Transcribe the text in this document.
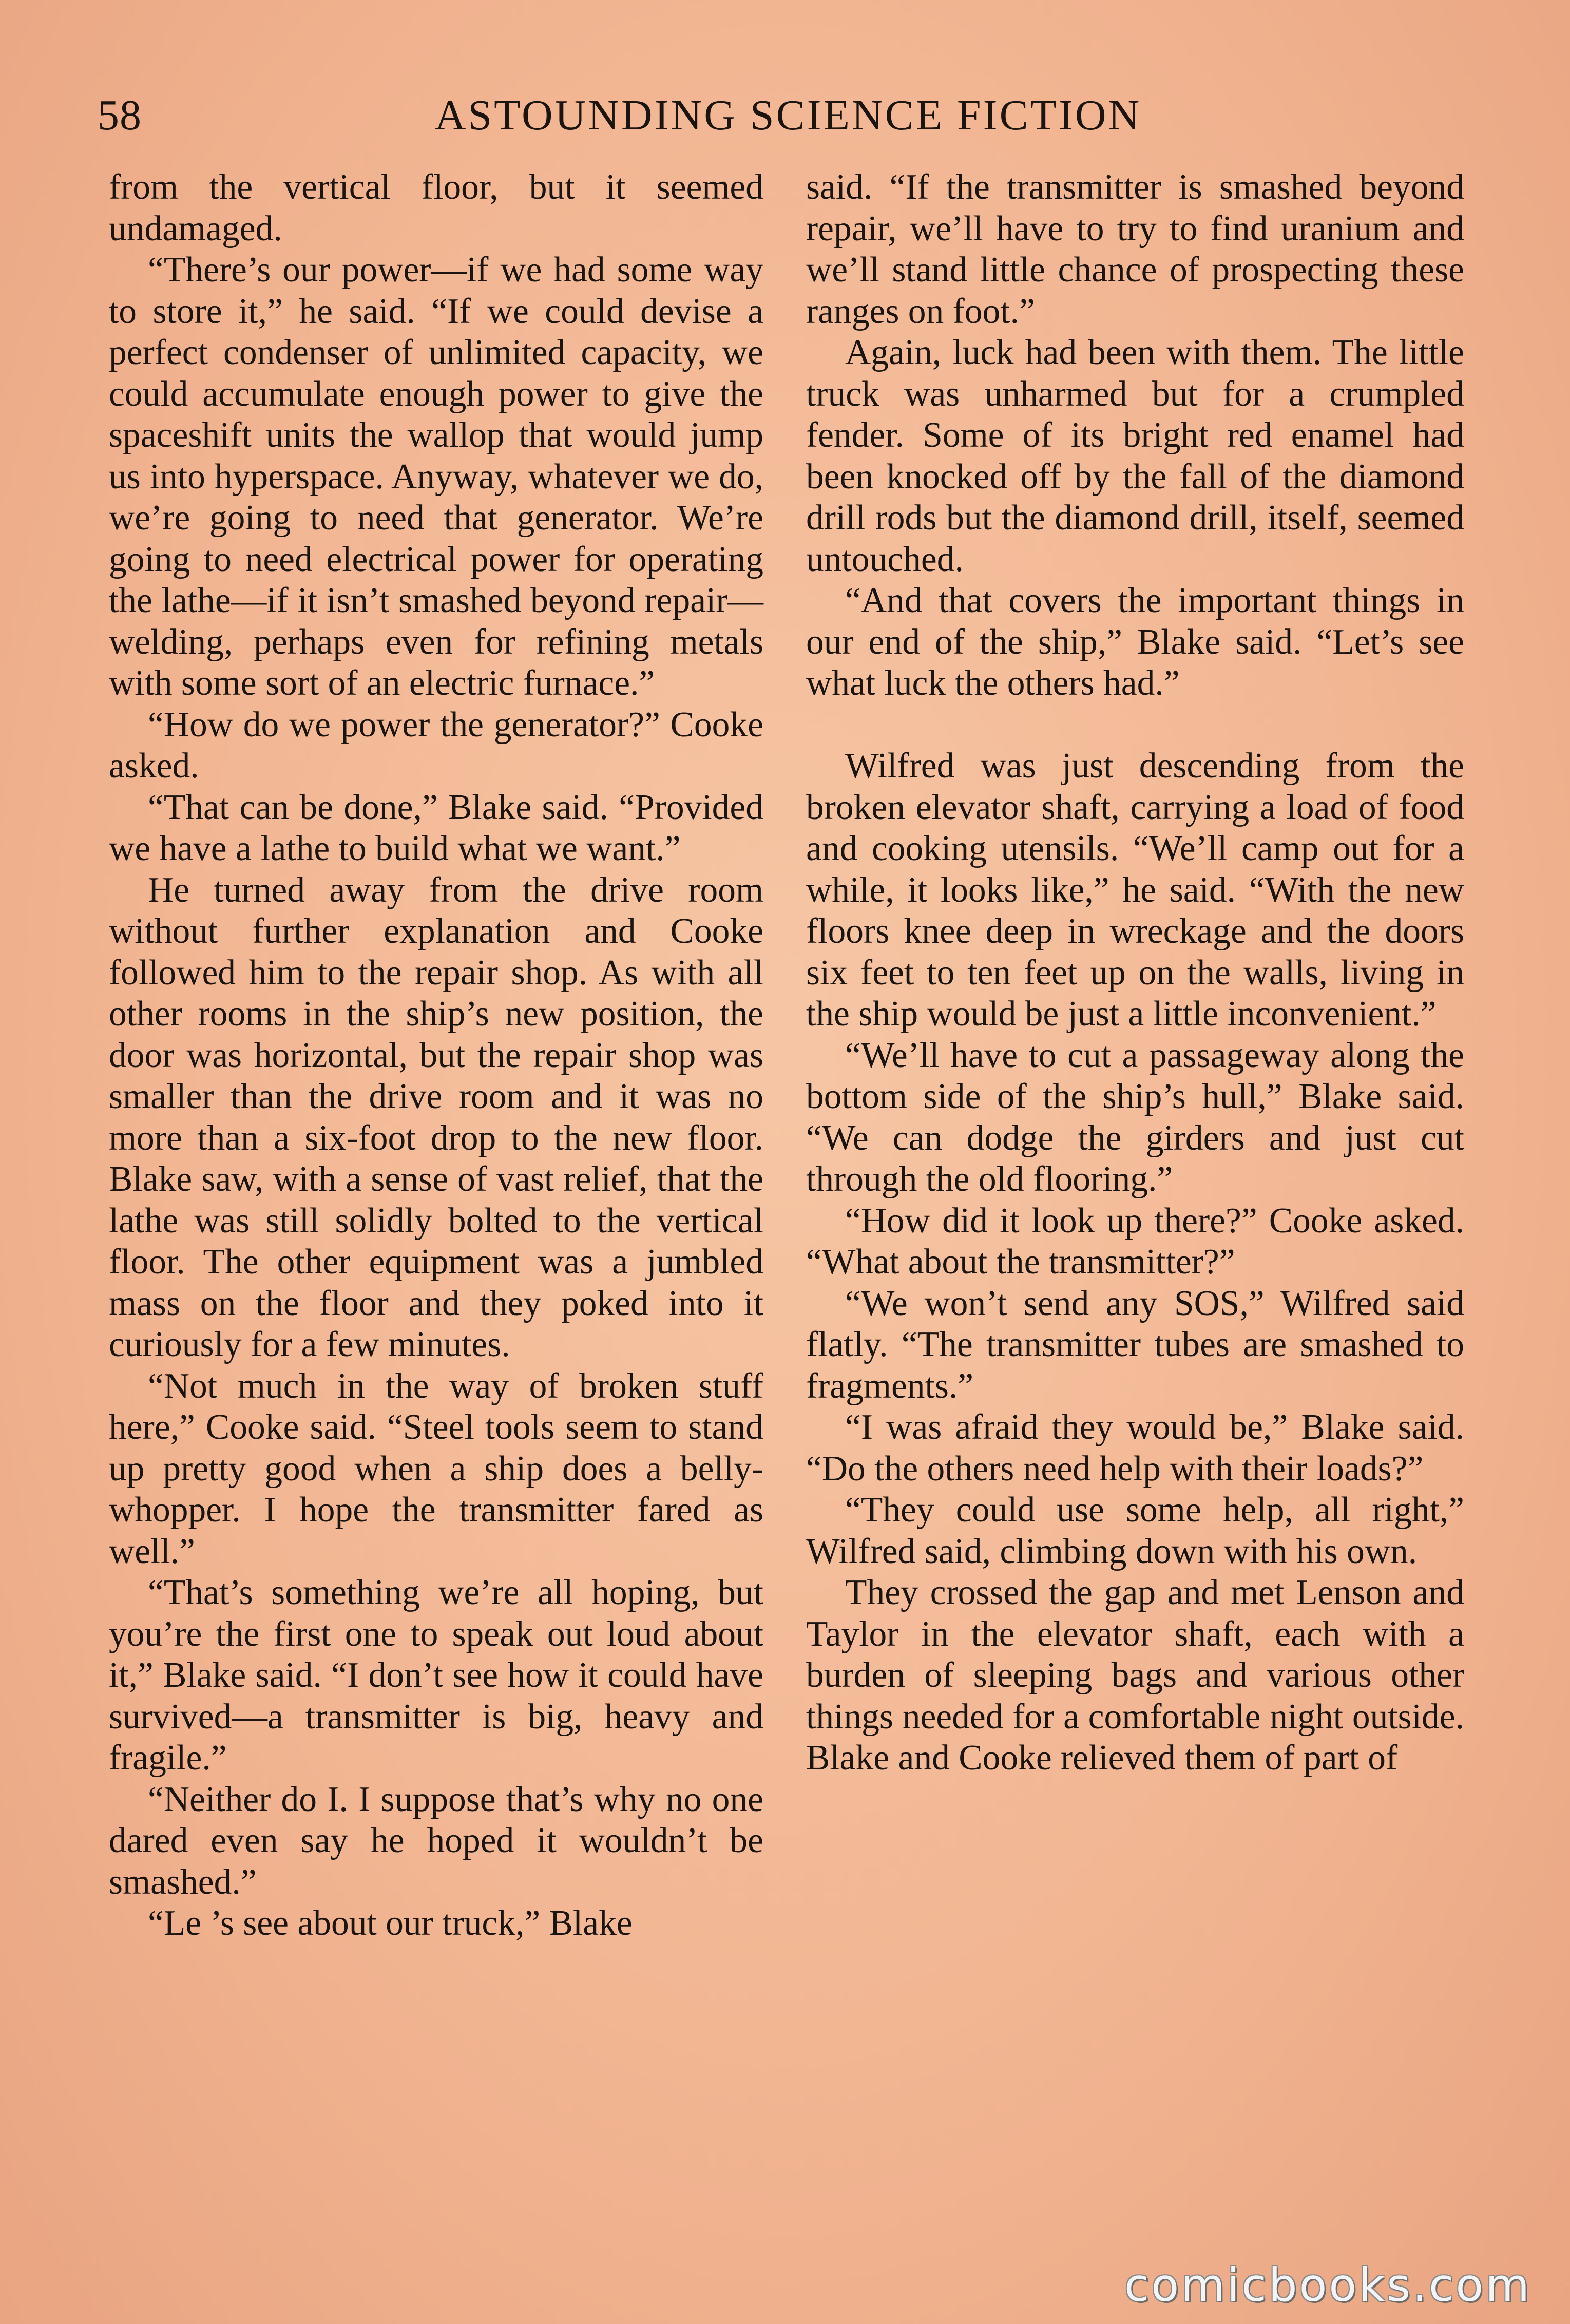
58	ASTOUNDING SCIENCE FICTION

from the vertical floor, but it seemed undamaged.

“There’s our power—if we had some way to store it,” he said. “If we could devise a perfect condenser of unlimited capacity, we could accumulate enough power to give the spaceshift units the wallop that would jump us into hyperspace. Anyway, whatever we do, we’re going to need that generator. We’re going to need electrical power for operating the lathe—if it isn’t smashed beyond repair—welding, perhaps even for refining metals with some sort of an electric furnace.”

“How do we power the generator?” Cooke asked.

“That can be done,” Blake said. “Provided we have a lathe to build what we want.”

He turned away from the drive room without further explanation and Cooke followed him to the repair shop. As with all other rooms in the ship’s new position, the door was horizontal, but the repair shop was smaller than the drive room and it was no more than a six-foot drop to the new floor. Blake saw, with a sense of vast relief, that the lathe was still solidly bolted to the vertical floor. The other equipment was a jumbled mass on the floor and they poked into it curiously for a few minutes.

“Not much in the way of broken stuff here,” Cooke said. “Steel tools seem to stand up pretty good when a ship does a belly-whopper. I hope the transmitter fared as well.”

“That’s something we’re all hoping, but you’re the first one to speak out loud about it,” Blake said. “I don’t see how it could have survived—a transmitter is big, heavy and fragile.”

“Neither do I. I suppose that’s why no one dared even say he hoped it wouldn’t be smashed.”

“Le ’s see about our truck,” Blake

said. “If the transmitter is smashed beyond repair, we’ll have to try to find uranium and we’ll stand little chance of prospecting these ranges on foot.”

Again, luck had been with them. The little truck was unharmed but for a crumpled fender. Some of its bright red enamel had been knocked off by the fall of the diamond drill rods but the diamond drill, itself, seemed untouched.

“And that covers the important things in our end of the ship,” Blake said. “Let’s see what luck the others had.”

Wilfred was just descending from the broken elevator shaft, carrying a load of food and cooking utensils. “We’ll camp out for a while, it looks like,” he said. “With the new floors knee deep in wreckage and the doors six feet to ten feet up on the walls, living in the ship would be just a little inconvenient.”

“We’ll have to cut a passageway along the bottom side of the ship’s hull,” Blake said. “We can dodge the girders and just cut through the old flooring.”

“How did it look up there?” Cooke asked. “What about the transmitter?”

“We won’t send any SOS,” Wilfred said flatly. “The transmitter tubes are smashed to fragments.”

“I was afraid they would be,” Blake said. “Do the others need help with their loads?”

“They could use some help, all right,” Wilfred said, climbing down with his own.

They crossed the gap and met Lenson and Taylor in the elevator shaft, each with a burden of sleeping bags and various other things needed for a comfortable night outside. Blake and Cooke relieved them of part of

comicbooks.com
